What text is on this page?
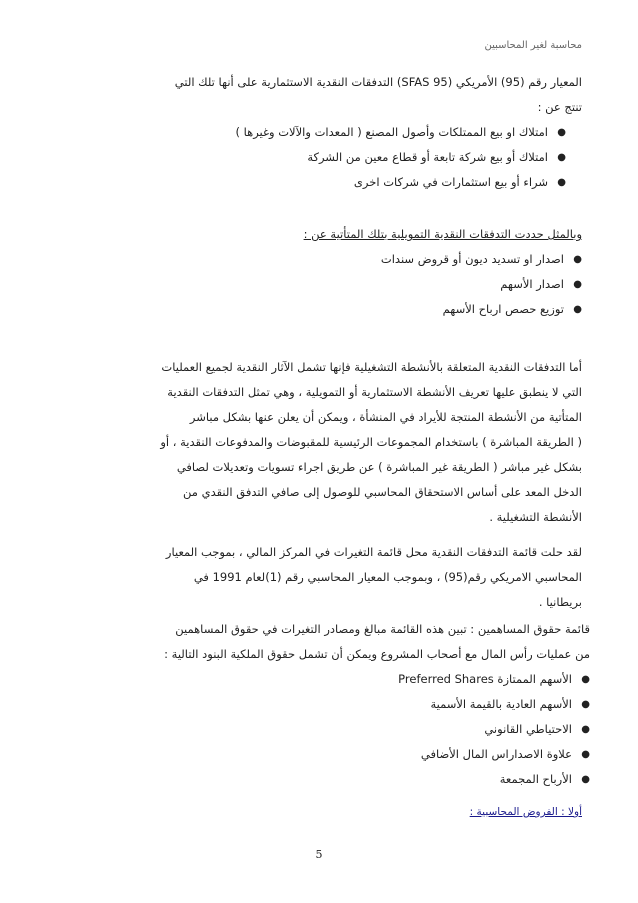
محاسبة لغير المحاسبين
المعيار رقم (95) الأمريكي (SFAS 95) التدفقات النقدية الاستثمارية على أنها تلك التي
تنتج عن :
● امتلاك او بيع الممتلكات وأصول المصنع ( المعدات والآلات وغيرها )
● امتلاك أو بيع شركة تابعة أو قطاع معين من الشركة
● شراء أو بيع استثمارات في شركات اخرى
وبالمثل حددت التدفقات النقدية التمويلية بتلك المتأتية عن :
● اصدار او تسديد ديون أو قروض سندات
● اصدار الأسهم
● توزيع حصص ارباح الأسهم
أما التدفقات النقدية المتعلقة بالأنشطة التشغيلية فإنها تشمل الآثار النقدية لجميع العمليات
التي لا ينطبق عليها تعريف الأنشطة الاستثمارية أو التمويلية ، وهي تمثل التدفقات النقدية
المتأتية من الأنشطة المنتجة للأيراد في المنشأة ، ويمكن أن يعلن عنها بشكل مباشر
( الطريقة المباشرة ) باستخدام المجموعات الرئيسية للمقبوضات والمدفوعات النقدية ، أو
بشكل غير مباشر ( الطريقة غير المباشرة ) عن طريق اجراء تسويات وتعديلات لصافي
الدخل المعد على أساس الاستحقاق المحاسبي للوصول إلى صافي التدفق النقدي من
الأنشطة التشغيلية .
لقد حلت قائمة التدفقات النقدية محل قائمة التغيرات في المركز المالي ، بموجب المعيار
المحاسبي الامريكي رقم(95) ، وبموجب المعيار المحاسبي رقم (1)لعام 1991 في
بريطانيا .
قائمة حقوق المساهمين : تبين هذه القائمة مبالغ ومصادر التغيرات في حقوق المساهمين
من عمليات رأس المال مع أصحاب المشروع ويمكن أن تشمل حقوق الملكية البنود التالية :
● الأسهم الممتازة Preferred Shares
● الأسهم العادية بالقيمة الأسمية
● الاحتياطي القانوني
● علاوة الاصداراس المال الأضافي
● الأرباح المجمعة
أولا : الفروض المحاسبية :
5
